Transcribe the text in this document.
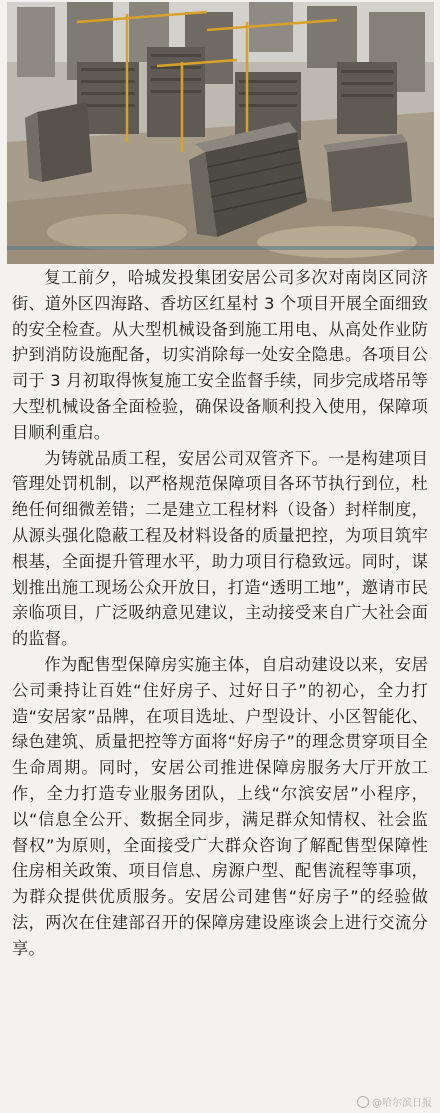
复工前夕，哈城发投集团安居公司多次对南岗区同济街、道外区四海路、香坊区红星村 3 个项目开展全面细致的安全检查。从大型机械设备到施工用电、从高处作业防护到消防设施配备，切实消除每一处安全隐患。各项目公司于 3 月初取得恢复施工安全监督手续，同步完成塔吊等大型机械设备全面检验，确保设备顺利投入使用，保障项目顺利重启。

为铸就品质工程，安居公司双管齐下。一是构建项目管理处罚机制，以严格规范保障项目各环节执行到位，杜绝任何细微差错；二是建立工程材料（设备）封样制度，从源头强化隐蔽工程及材料设备的质量把控，为项目筑牢根基，全面提升管理水平，助力项目行稳致远。同时，谋划推出施工现场公众开放日，打造“透明工地”，邀请市民亲临项目，广泛吸纳意见建议，主动接受来自广大社会面的监督。

作为配售型保障房实施主体，自启动建设以来，安居公司秉持让百姓“住好房子、过好日子”的初心，全力打造“安居家”品牌，在项目选址、户型设计、小区智能化、绿色建筑、质量把控等方面将“好房子”的理念贯穿项目全生命周期。同时，安居公司推进保障房服务大厅开放工作，全力打造专业服务团队，上线“尔滨安居”小程序，以“信息全公开、数据全同步，满足群众知情权、社会监督权”为原则，全面接受广大群众咨询了解配售型保障性住房相关政策、项目信息、房源户型、配售流程等事项，为群众提供优质服务。安居公司建售“好房子”的经验做法，两次在住建部召开的保障房建设座谈会上进行交流分享。

@哈尔滨日报
